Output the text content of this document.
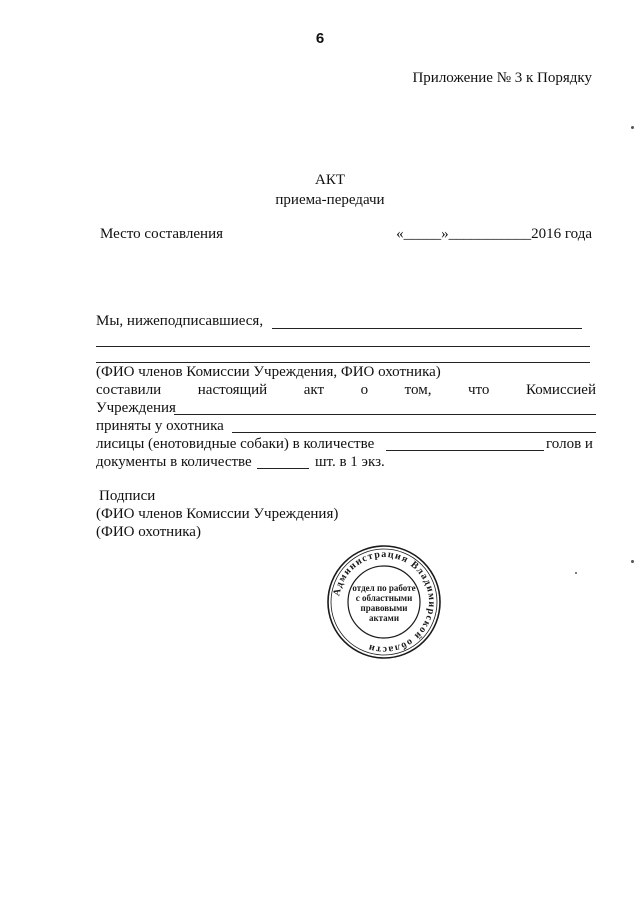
6
Приложение № 3 к Порядку
АКТ
приема-передачи
Место составления	«_____»___________2016 года
Мы, нижеподписавшиеся,
(ФИО членов Комиссии Учреждения, ФИО охотника)
составили настоящий акт о том, что Комиссией
Учреждения
приняты у охотника
лисицы (енотовидные собаки) в количестве	голов и
документы в количестве	шт. в 1 экз.
Подписи
(ФИО членов Комиссии Учреждения)
(ФИО охотника)
Администрация Владимирской области
отдел по работе
с областными
правовыми
актами
